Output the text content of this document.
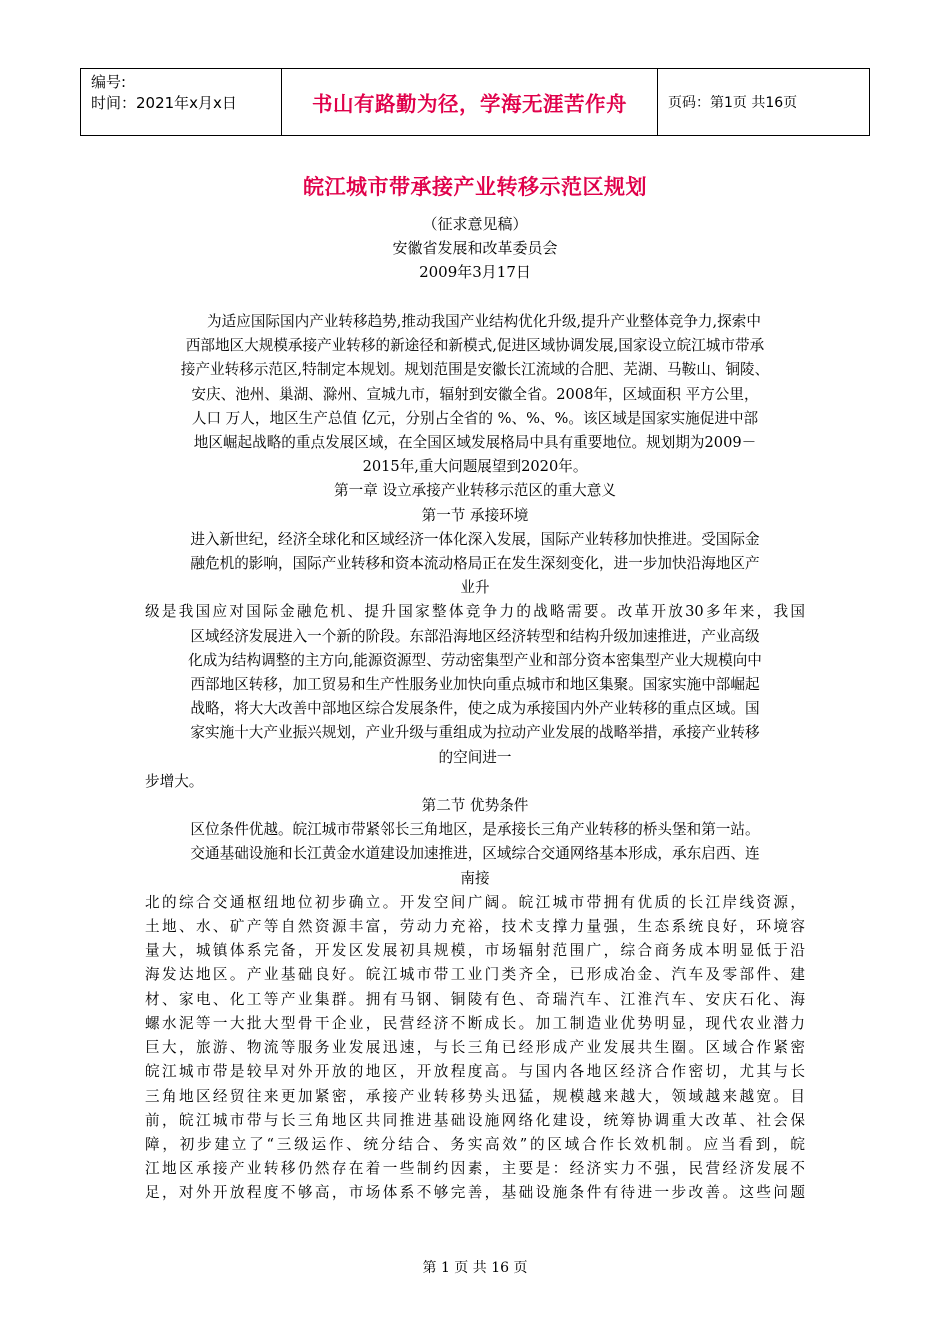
编号:
时间：2021年x月x日	书山有路勤为径，学海无涯苦作舟	页码：第1页 共16页
皖江城市带承接产业转移示范区规划
（征求意见稿）
安徽省发展和改革委员会
2009年3月17日

为适应国际国内产业转移趋势,推动我国产业结构优化升级,提升产业整体竞争力,探索中

西部地区大规模承接产业转移的新途径和新模式,促进区域协调发展,国家设立皖江城市带承

接产业转移示范区,特制定本规划。规划范围是安徽长江流域的合肥、芜湖、马鞍山、铜陵、

安庆、池州、巢湖、滁州、宣城九市，辐射到安徽全省。2008年，区域面积 平方公里，

人口 万人，地区生产总值 亿元，分别占全省的 %、%、%。该区域是国家实施促进中部

地区崛起战略的重点发展区域，在全国区域发展格局中具有重要地位。规划期为2009－

2015年,重大问题展望到2020年。

第一章 设立承接产业转移示范区的重大意义

第一节 承接环境

进入新世纪，经济全球化和区域经济一体化深入发展，国际产业转移加快推进。受国际金

融危机的影响，国际产业转移和资本流动格局正在发生深刻变化，进一步加快沿海地区产

业升

级是我国应对国际金融危机、提升国家整体竞争力的战略需要。改革开放30多年来，我国

区域经济发展进入一个新的阶段。东部沿海地区经济转型和结构升级加速推进，产业高级

化成为结构调整的主方向,能源资源型、劳动密集型产业和部分资本密集型产业大规模向中

西部地区转移，加工贸易和生产性服务业加快向重点城市和地区集聚。国家实施中部崛起

战略，将大大改善中部地区综合发展条件，使之成为承接国内外产业转移的重点区域。国

家实施十大产业振兴规划，产业升级与重组成为拉动产业发展的战略举措，承接产业转移

的空间进一

步增大。

第二节 优势条件

区位条件优越。皖江城市带紧邻长三角地区，是承接长三角产业转移的桥头堡和第一站。

交通基础设施和长江黄金水道建设加速推进，区域综合交通网络基本形成，承东启西、连

南接

北的综合交通枢纽地位初步确立。开发空间广阔。皖江城市带拥有优质的长江岸线资源，

土地、水、矿产等自然资源丰富，劳动力充裕，技术支撑力量强，生态系统良好，环境容

量大，城镇体系完备，开发区发展初具规模，市场辐射范围广，综合商务成本明显低于沿

海发达地区。产业基础良好。皖江城市带工业门类齐全，已形成冶金、汽车及零部件、建

材、家电、化工等产业集群。拥有马钢、铜陵有色、奇瑞汽车、江淮汽车、安庆石化、海

螺水泥等一大批大型骨干企业，民营经济不断成长。加工制造业优势明显，现代农业潜力

巨大，旅游、物流等服务业发展迅速，与长三角已经形成产业发展共生圈。区域合作紧密

皖江城市带是较早对外开放的地区，开放程度高。与国内各地区经济合作密切，尤其与长

三角地区经贸往来更加紧密，承接产业转移势头迅猛，规模越来越大，领域越来越宽。目

前，皖江城市带与长三角地区共同推进基础设施网络化建设，统筹协调重大改革、社会保

障，初步建立了“三级运作、统分结合、务实高效”的区域合作长效机制。应当看到，皖

江地区承接产业转移仍然存在着一些制约因素，主要是：经济实力不强，民营经济发展不

足，对外开放程度不够高，市场体系不够完善，基础设施条件有待进一步改善。这些问题

第 1 页 共 16 页
